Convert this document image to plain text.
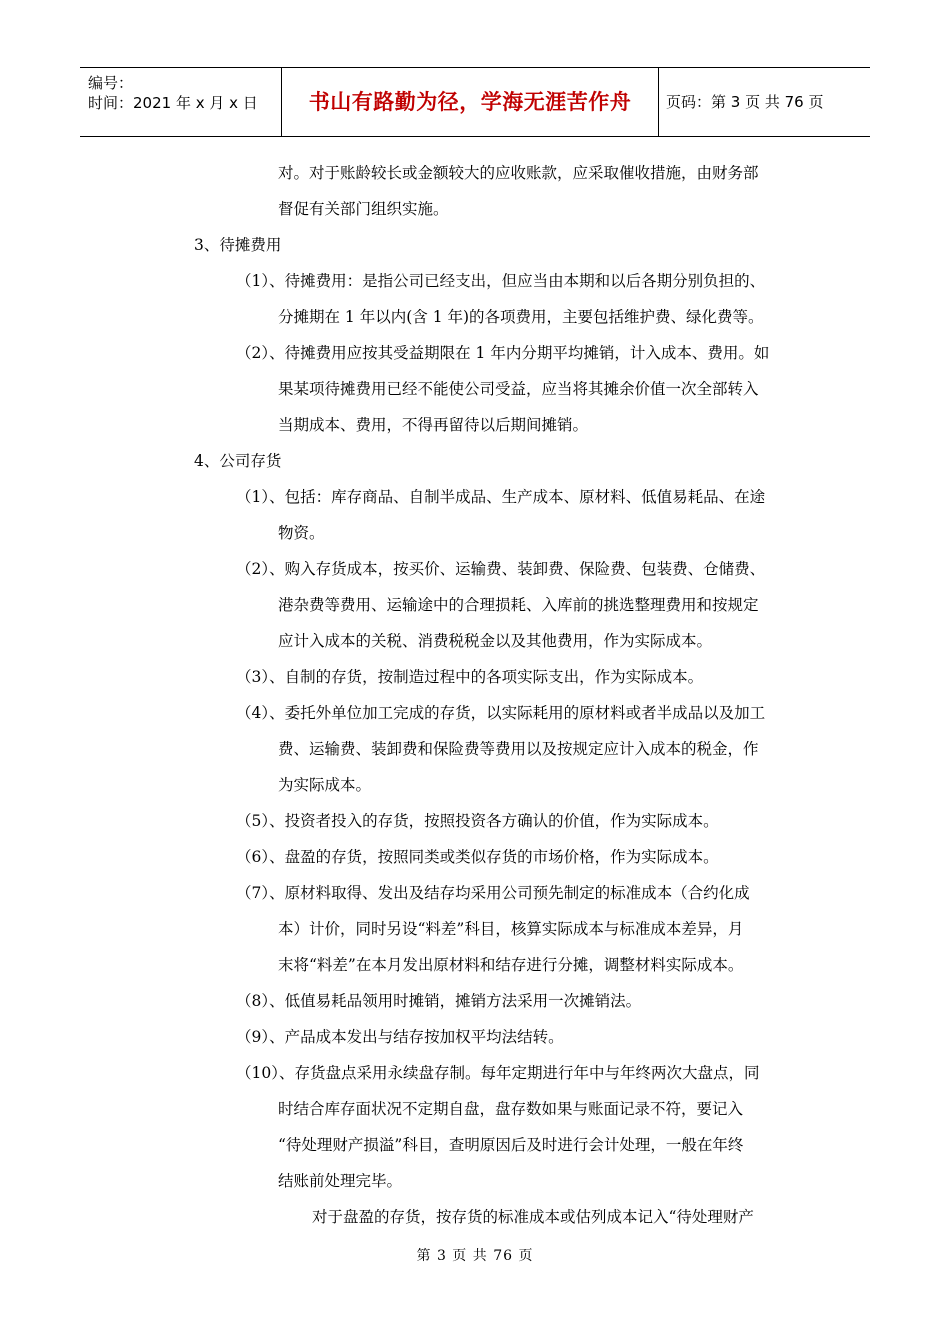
编号：
时间：2021 年 x 月 x 日	书山有路勤为径，学海无涯苦作舟	页码：第 3 页 共 76 页
对。对于账龄较长或金额较大的应收账款，应采取催收措施，由财务部
督促有关部门组织实施。
3、待摊费用
（1）、待摊费用：是指公司已经支出，但应当由本期和以后各期分别负担的、
分摊期在 1 年以内(含 1 年)的各项费用，主要包括维护费、绿化费等。
（2）、待摊费用应按其受益期限在 1 年内分期平均摊销，计入成本、费用。如
果某项待摊费用已经不能使公司受益，应当将其摊余价值一次全部转入
当期成本、费用，不得再留待以后期间摊销。
4、公司存货
（1）、包括：库存商品、自制半成品、生产成本、原材料、低值易耗品、在途
物资。
（2）、购入存货成本，按买价、运输费、装卸费、保险费、包装费、仓储费、
港杂费等费用、运输途中的合理损耗、入库前的挑选整理费用和按规定
应计入成本的关税、消费税税金以及其他费用，作为实际成本。
（3）、自制的存货，按制造过程中的各项实际支出，作为实际成本。
（4）、委托外单位加工完成的存货，以实际耗用的原材料或者半成品以及加工
费、运输费、装卸费和保险费等费用以及按规定应计入成本的税金，作
为实际成本。
（5）、投资者投入的存货，按照投资各方确认的价值，作为实际成本。
（6）、盘盈的存货，按照同类或类似存货的市场价格，作为实际成本。
（7）、原材料取得、发出及结存均采用公司预先制定的标准成本（合约化成
本）计价，同时另设“料差”科目，核算实际成本与标准成本差异，月
末将“料差”在本月发出原材料和结存进行分摊，调整材料实际成本。
（8）、低值易耗品领用时摊销，摊销方法采用一次摊销法。
（9）、产品成本发出与结存按加权平均法结转。
（10）、存货盘点采用永续盘存制。每年定期进行年中与年终两次大盘点，同
时结合库存面状况不定期自盘，盘存数如果与账面记录不符，要记入
“待处理财产损溢”科目，查明原因后及时进行会计处理，一般在年终
结账前处理完毕。
对于盘盈的存货，按存货的标准成本或估列成本记入“待处理财产
第 3 页 共 76 页
